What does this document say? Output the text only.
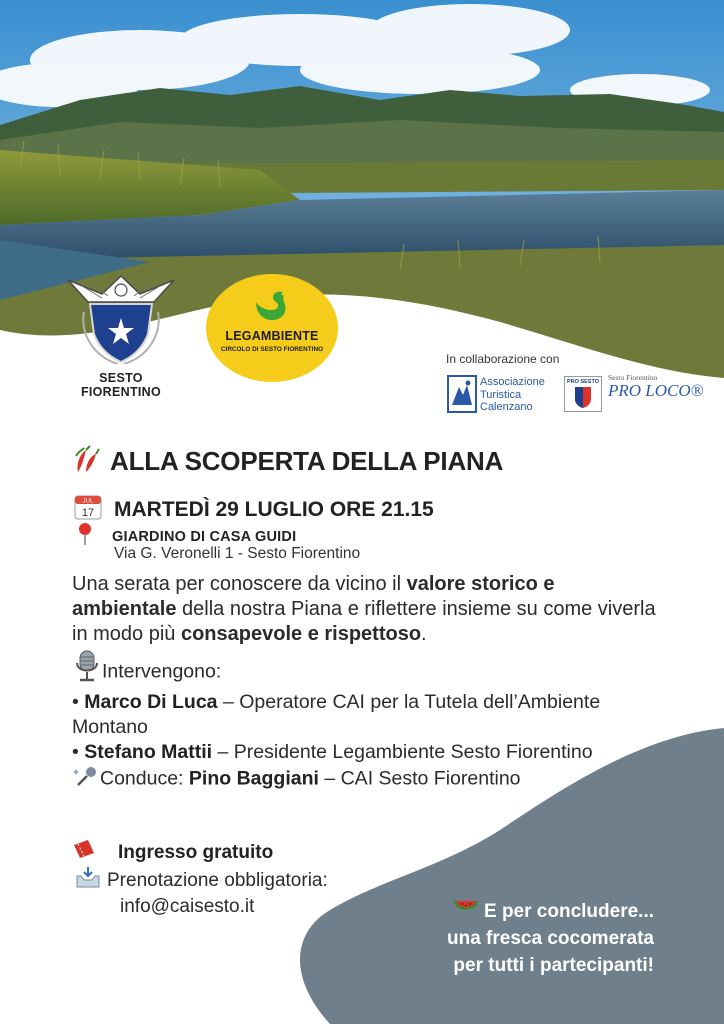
SESTO FIORENTINO
LEGAMBIENTE
CIRCOLO DI SESTO FIORENTINO
In collaborazione con
Associazione
Turistica
Calenzano
PRO SESTO Sesto Fiorentino
PRO LOCO®
ALLA SCOPERTA DELLA PIANA
JUL
17 MARTEDÌ 29 LUGLIO ORE 21.15
GIARDINO DI CASA GUIDI
Via G. Veronelli 1 - Sesto Fiorentino
Una serata per conoscere da vicino il valore storico e ambientale della nostra Piana e riflettere insieme su come viverla in modo più consapevole e rispettoso.
Intervengono:
• Marco Di Luca – Operatore CAI per la Tutela dell’Ambiente Montano
• Stefano Mattii – Presidente Legambiente Sesto Fiorentino
Conduce: Pino Baggiani – CAI Sesto Fiorentino
Ingresso gratuito
Prenotazione obbligatoria:
info@caisesto.it	E per concludere...
una fresca cocomerata
per tutti i partecipanti!
